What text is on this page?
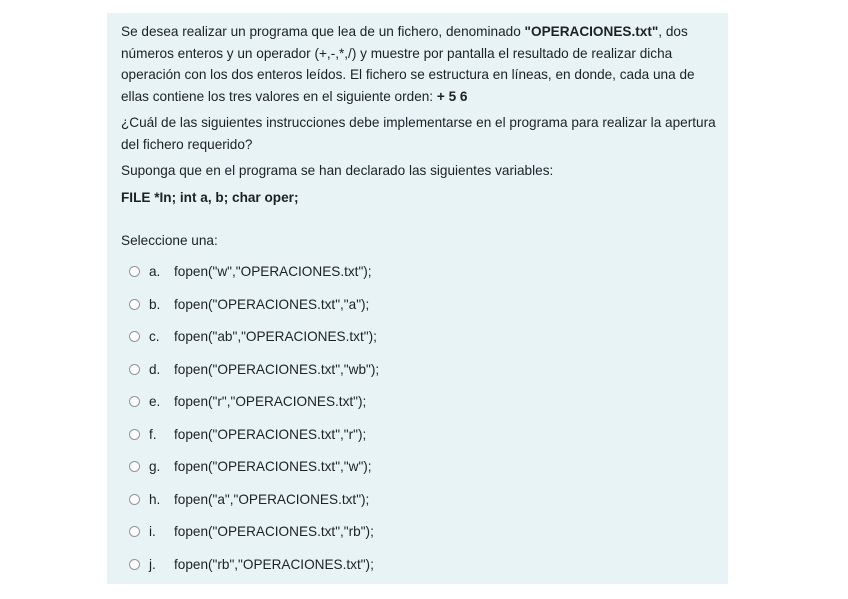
Se desea realizar un programa que lea de un fichero, denominado "OPERACIONES.txt", dos números enteros y un operador (+,-,*,/) y muestre por pantalla el resultado de realizar dicha operación con los dos enteros leídos. El fichero se estructura en líneas, en donde, cada una de ellas contiene los tres valores en el siguiente orden: + 5 6

¿Cuál de las siguientes instrucciones debe implementarse en el programa para realizar la apertura del fichero requerido?

Suponga que en el programa se han declarado las siguientes variables:

FILE *In; int a, b; char oper;

Seleccione una:

a.	fopen("w","OPERACIONES.txt");
b.	fopen("OPERACIONES.txt","a");
c.	fopen("ab","OPERACIONES.txt");
d.	fopen("OPERACIONES.txt","wb");
e.	fopen("r","OPERACIONES.txt");
f.	fopen("OPERACIONES.txt","r");
g.	fopen("OPERACIONES.txt","w");
h.	fopen("a","OPERACIONES.txt");
i.	fopen("OPERACIONES.txt","rb");
j.	fopen("rb","OPERACIONES.txt");
